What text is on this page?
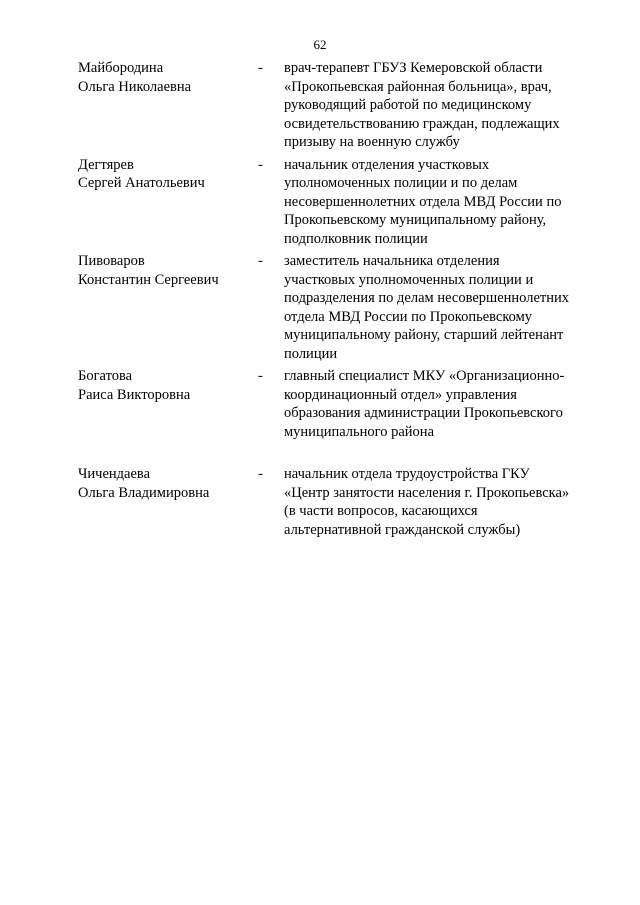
62
Майбородина
Ольга Николаевна
-	врач-терапевт ГБУЗ Кемеровской области
«Прокопьевская районная больница», врач,
руководящий работой по медицинскому
освидетельствованию граждан, подлежащих
призыву на военную службу
Дегтярев
Сергей Анатольевич
-	начальник отделения участковых
уполномоченных полиции и по делам
несовершеннолетних отдела МВД России по
Прокопьевскому муниципальному району,
подполковник полиции
Пивоваров
Константин Сергеевич
-	заместитель начальника отделения
участковых уполномоченных полиции и
подразделения по делам несовершеннолетних
отдела МВД России по Прокопьевскому
муниципальному району, старший лейтенант
полиции
Богатова
Раиса Викторовна
-	главный специалист МКУ «Организационно-
координационный отдел» управления
образования администрации Прокопьевского
муниципального района
Чичендаева
Ольга Владимировна
-	начальник отдела трудоустройства ГКУ
«Центр занятости населения г. Прокопьевска»
(в части вопросов, касающихся
альтернативной гражданской службы)
